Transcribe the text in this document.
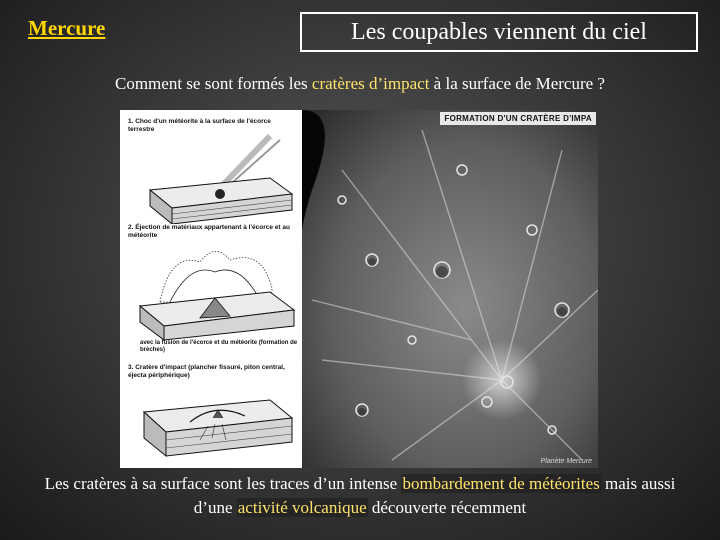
Mercure	Les coupables viennent du ciel
Comment se sont formés les cratères d’impact à la surface de Mercure ?
1. Choc d'un météorite à la surface de l'écorce terrestre
2. Éjection de matériaux appartenant à l'écorce et au météorite
avec la fusion de l'écorce et du météorite (formation de brèches)
3. Cratère d'impact (plancher fissuré, piton central, éjecta périphérique)
FORMATION D'UN CRATÈRE D'IMPA
Planète Mercure
Les cratères à sa surface sont les traces d’un intense bombardement de météorites mais aussi d’une activité volcanique découverte récemment
